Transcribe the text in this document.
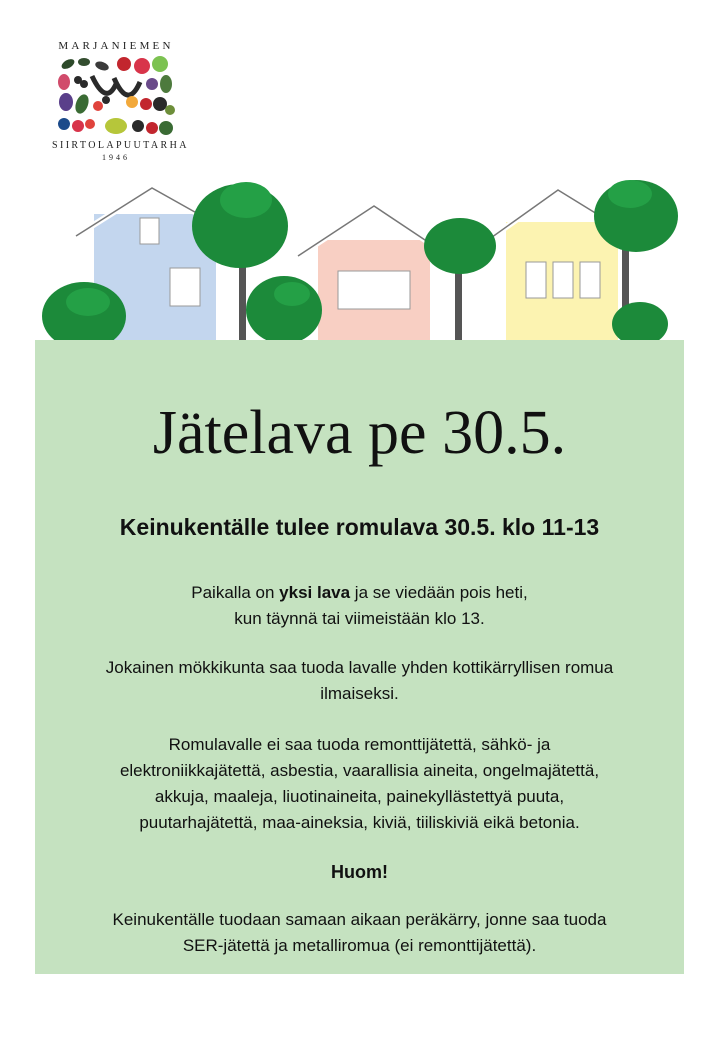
MARJANIEMEN
SIIRTOLAPUUTARHA
1946
Jätelava pe 30.5.
Keinukentälle tulee romulava 30.5. klo 11-13
Paikalla on yksi lava ja se viedään pois heti,
kun täynnä tai viimeistään klo 13.
Jokainen mökkikunta saa tuoda lavalle yhden kottikärryllisen romua
ilmaiseksi.
Romulavalle ei saa tuoda remonttijätettä, sähkö- ja
elektroniikkajätettä, asbestia, vaarallisia aineita, ongelmajätettä,
akkuja, maaleja, liuotinaineita, painekyllästettyä puuta,
puutarhajätettä, maa-aineksia, kiviä, tiiliskiviä eikä betonia.
Huom!
Keinukentälle tuodaan samaan aikaan peräkärry, jonne saa tuoda
SER-jätettä ja metalliromua (ei remonttijätettä).
